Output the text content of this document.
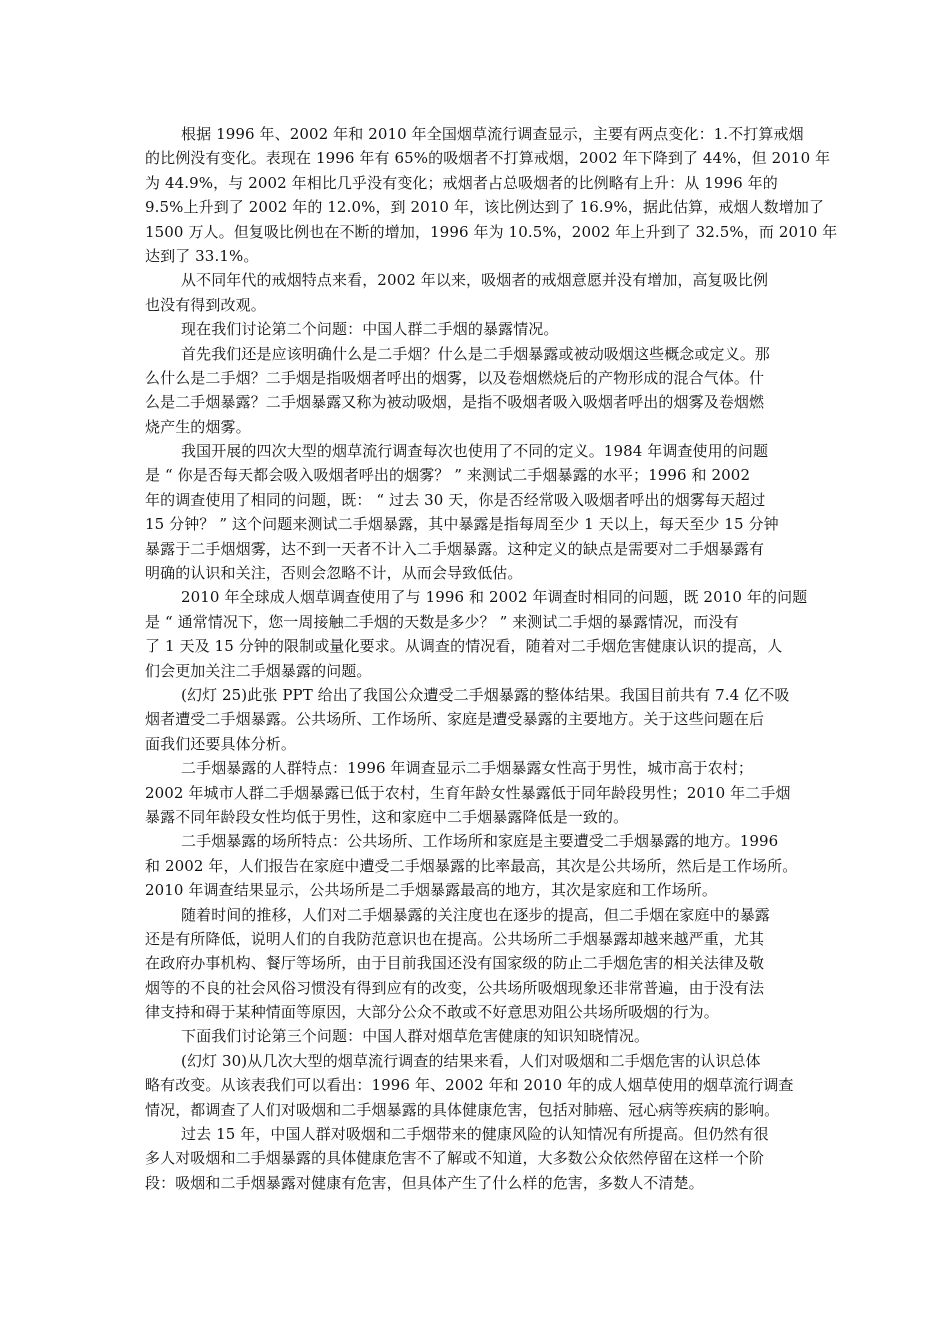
根据 1996 年、2002 年和 2010 年全国烟草流行调查显示，主要有两点变化：1.不打算戒烟
的比例没有变化。表现在 1996 年有 65%的吸烟者不打算戒烟，2002 年下降到了 44%，但 2010 年
为 44.9%，与 2002 年相比几乎没有变化；戒烟者占总吸烟者的比例略有上升：从 1996 年的
9.5%上升到了 2002 年的 12.0%，到 2010 年，该比例达到了 16.9%，据此估算，戒烟人数增加了
1500 万人。但复吸比例也在不断的增加，1996 年为 10.5%，2002 年上升到了 32.5%，而 2010 年
达到了 33.1%。

从不同年代的戒烟特点来看，2002 年以来，吸烟者的戒烟意愿并没有增加，高复吸比例
也没有得到改观。

现在我们讨论第二个问题：中国人群二手烟的暴露情况。

首先我们还是应该明确什么是二手烟？什么是二手烟暴露或被动吸烟这些概念或定义。那
么什么是二手烟？二手烟是指吸烟者呼出的烟雾，以及卷烟燃烧后的产物形成的混合气体。什
么是二手烟暴露？二手烟暴露又称为被动吸烟，是指不吸烟者吸入吸烟者呼出的烟雾及卷烟燃
烧产生的烟雾。

我国开展的四次大型的烟草流行调查每次也使用了不同的定义。1984 年调查使用的问题
是 “ 你是否每天都会吸入吸烟者呼出的烟雾？ ” 来测试二手烟暴露的水平；1996 和 2002
年的调查使用了相同的问题，既： “ 过去 30 天，你是否经常吸入吸烟者呼出的烟雾每天超过
15 分钟？ ” 这个问题来测试二手烟暴露，其中暴露是指每周至少 1 天以上，每天至少 15 分钟
暴露于二手烟烟雾，达不到一天者不计入二手烟暴露。这种定义的缺点是需要对二手烟暴露有
明确的认识和关注，否则会忽略不计，从而会导致低估。

2010 年全球成人烟草调查使用了与 1996 和 2002 年调查时相同的问题，既 2010 年的问题
是 “ 通常情况下，您一周接触二手烟的天数是多少？ ” 来测试二手烟的暴露情况，而没有
了 1 天及 15 分钟的限制或量化要求。从调查的情况看，随着对二手烟危害健康认识的提高，人
们会更加关注二手烟暴露的问题。

(幻灯 25)此张 PPT 给出了我国公众遭受二手烟暴露的整体结果。我国目前共有 7.4 亿不吸
烟者遭受二手烟暴露。公共场所、工作场所、家庭是遭受暴露的主要地方。关于这些问题在后
面我们还要具体分析。

二手烟暴露的人群特点：1996 年调查显示二手烟暴露女性高于男性，城市高于农村；
2002 年城市人群二手烟暴露已低于农村，生育年龄女性暴露低于同年龄段男性；2010 年二手烟
暴露不同年龄段女性均低于男性，这和家庭中二手烟暴露降低是一致的。

二手烟暴露的场所特点：公共场所、工作场所和家庭是主要遭受二手烟暴露的地方。1996
和 2002 年，人们报告在家庭中遭受二手烟暴露的比率最高，其次是公共场所，然后是工作场所。
2010 年调查结果显示，公共场所是二手烟暴露最高的地方，其次是家庭和工作场所。

随着时间的推移，人们对二手烟暴露的关注度也在逐步的提高，但二手烟在家庭中的暴露
还是有所降低，说明人们的自我防范意识也在提高。公共场所二手烟暴露却越来越严重，尤其
在政府办事机构、餐厅等场所，由于目前我国还没有国家级的防止二手烟危害的相关法律及敬
烟等的不良的社会风俗习惯没有得到应有的改变，公共场所吸烟现象还非常普遍，由于没有法
律支持和碍于某种情面等原因，大部分公众不敢或不好意思劝阻公共场所吸烟的行为。

下面我们讨论第三个问题：中国人群对烟草危害健康的知识知晓情况。

(幻灯 30)从几次大型的烟草流行调查的结果来看，人们对吸烟和二手烟危害的认识总体
略有改变。从该表我们可以看出：1996 年、2002 年和 2010 年的成人烟草使用的烟草流行调查
情况，都调查了人们对吸烟和二手烟暴露的具体健康危害，包括对肺癌、冠心病等疾病的影响。

过去 15 年，中国人群对吸烟和二手烟带来的健康风险的认知情况有所提高。但仍然有很
多人对吸烟和二手烟暴露的具体健康危害不了解或不知道，大多数公众依然停留在这样一个阶
段：吸烟和二手烟暴露对健康有危害，但具体产生了什么样的危害，多数人不清楚。
